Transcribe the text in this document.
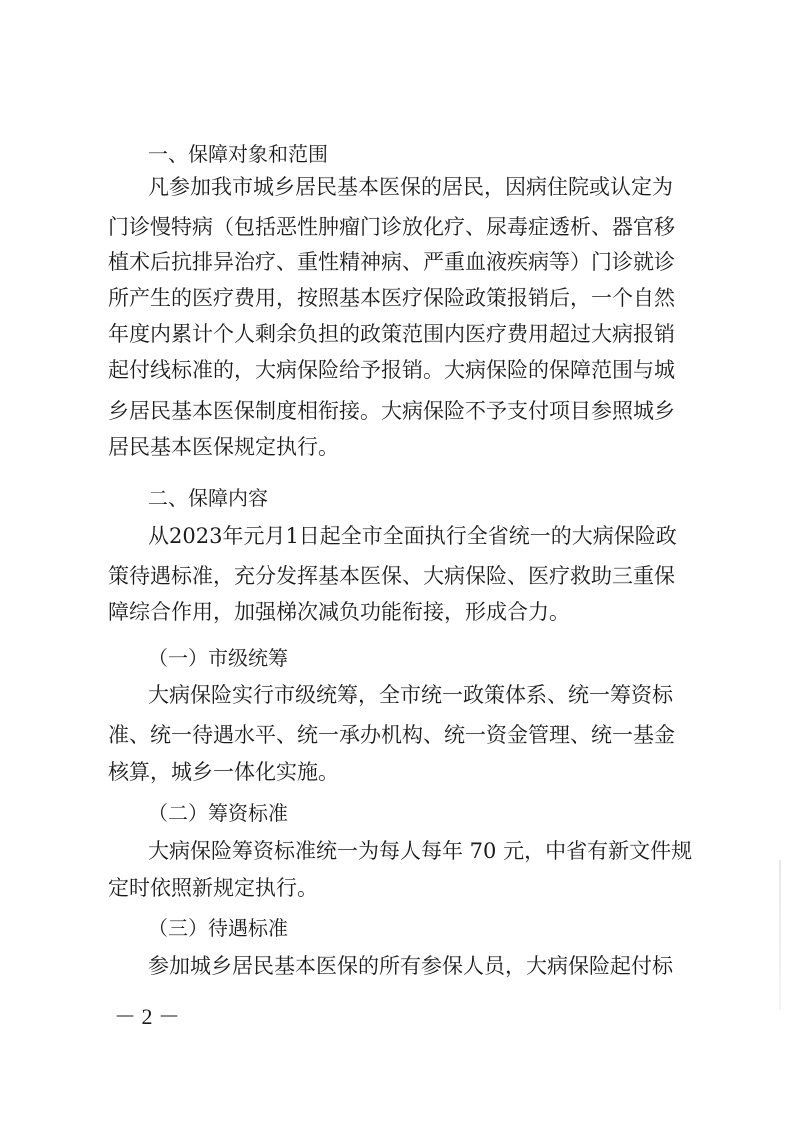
一、保障对象和范围
凡参加我市城乡居民基本医保的居民，因病住院或认定为
门诊慢特病（包括恶性肿瘤门诊放化疗、尿毒症透析、器官移
植术后抗排异治疗、重性精神病、严重血液疾病等）门诊就诊
所产生的医疗费用，按照基本医疗保险政策报销后，一个自然
年度内累计个人剩余负担的政策范围内医疗费用超过大病报销
起付线标准的，大病保险给予报销。大病保险的保障范围与城
乡居民基本医保制度相衔接。大病保险不予支付项目参照城乡
居民基本医保规定执行。
二、保障内容
从2023年元月1日起全市全面执行全省统一的大病保险政
策待遇标准，充分发挥基本医保、大病保险、医疗救助三重保
障综合作用，加强梯次减负功能衔接，形成合力。
（一）市级统筹
大病保险实行市级统筹，全市统一政策体系、统一筹资标
准、统一待遇水平、统一承办机构、统一资金管理、统一基金
核算，城乡一体化实施。
（二）筹资标准
大病保险筹资标准统一为每人每年 70 元，中省有新文件规
定时依照新规定执行。
（三）待遇标准
参加城乡居民基本医保的所有参保人员，大病保险起付标
－ 2 －
